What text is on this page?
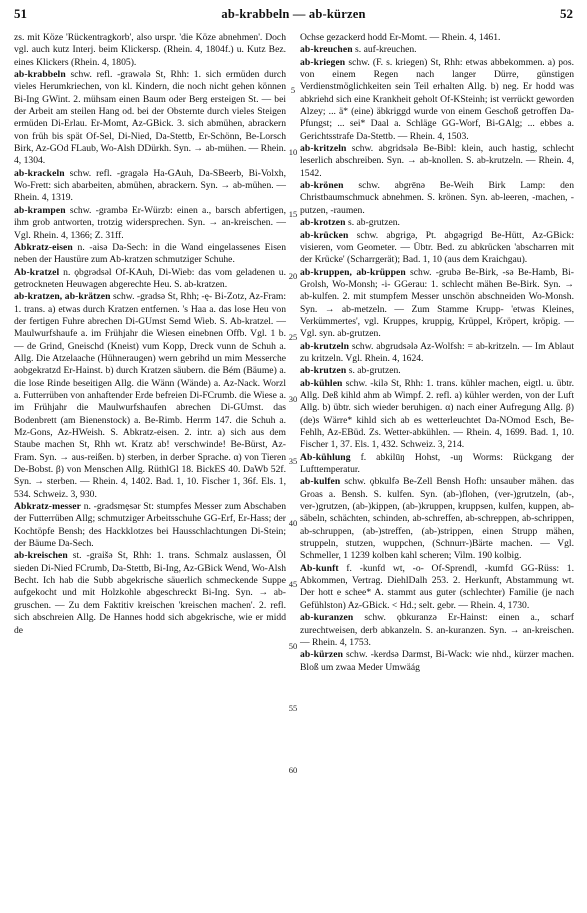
51	ab-krabbeln — ab-kürzen	52

zs. mit Köze 'Rückentragkorb', also urspr. 'die Köze abnehmen'. Doch vgl. auch kutz Interj. beim Klickersp. (Rhein. 4, 1804f.) u. Kutz Bez. eines Klickers (Rhein. 4, 1805).

ab-krabbeln schw. refl. -grawələ St, Rhh: 1. sich ermüden durch vieles Herumkriechen, von kl. Kindern, die noch nicht gehen können Bi-Ing GWint. 2. mühsam einen Baum oder Berg ersteigen St. — bei der Arbeit am steilen Hang od. bei der Obsternte durch vieles Steigen ermüden Di-Erlau. Er-Momt, Az-GBick. 3. sich abmühen, abrackern von früh bis spät Of-Sel, Di-Nied, Da-Stettb, Er-Schönn, Be-Lorsch Birk, Az-GOd FLaub, Wo-Alsh DDürkh. Syn. → ab-mühen. — Rhein. 4, 1304.

ab-krackeln schw. refl. -gragələ Ha-GAuh, Da-SBeerb, Bi-Volxh, Wo-Frett: sich abarbeiten, abmühen, abrackern. Syn. → ab-mühen. — Rhein. 4, 1319.

ab-krampen schw. -grambə Er-Würzb: einen a., barsch abfertigen, ihm grob antworten, trotzig widersprechen. Syn. → an-kreischen. — Vgl. Rhein. 4, 1366; Z. 31ff.

Abkratz-eisen n. -aisə Da-Sech: in die Wand eingelassenes Eisen neben der Haustüre zum Ab-kratzen schmutziger Schuhe.

Ab-kratzel n. ǫbgrədsəl Of-KAuh, Di-Wieb: das vom geladenen u. getrockneten Heuwagen abgerechte Heu. S. ab-kratzen.

ab-kratzen, ab-krätzen schw. -gradsə St, Rhh; -ę- Bi-Zotz, Az-Fram: 1. trans. a) etwas durch Kratzen entfernen. 's Haa a. das lose Heu von der fertigen Fuhre abrechen Di-GUmst Semd Wieb. S. Ab-kratzel. — Maulwurfshaufe a. im Frühjahr die Wiesen einebnen Offb. Vgl. 1 b. — de Grind, Gneischd (Kneist) vum Kopp, Dreck vunn de Schuh a. Allg. Die Atzelaache (Hühneraugen) wern gebrihd un mim Messerche aobgekratzd Er-Hainst. b) durch Kratzen säubern. die Bém (Bäume) a. die lose Rinde beseitigen Allg. die Wänn (Wände) a. Az-Nack. Worzl a. Futterrüben von anhaftender Erde befreien Di-FCrumb. die Wiese a. im Frühjahr die Maulwurfshaufen abrechen Di-GUmst. das Bodenbrett (am Bienenstock) a. Be-Rimb. Herrm 147. die Schuh a. Mz-Gons, Az-HWeish. S. Abkratz-eisen. 2. intr. a) sich aus dem Staube machen St, Rhh wt. Kratz ab! verschwinde! Be-Bürst, Az-Fram. Syn. → aus-reißen. b) sterben, in derber Sprache. α) von Tieren De-Bobst. β) von Menschen Allg. RüthlGl 18. BickES 40. DaWb 52f. Syn. → sterben. — Rhein. 4, 1402. Bad. 1, 10. Fischer 1, 36f. Els. 1, 534. Schweiz. 3, 930.

Abkratz-messer n. -gradsmęsər St: stumpfes Messer zum Abschaben der Futterrüben Allg; schmutziger Arbeitsschuhe GG-Erf, Er-Hass; der Kochtöpfe Bensh; des Hackklotzes bei Hausschlachtungen Di-Stein; der Bäume Da-Sech.

ab-kreischen st. -graišə St, Rhh: 1. trans. Schmalz auslassen, Öl sieden Di-Nied FCrumb, Da-Stettb, Bi-Ing, Az-GBick Wend, Wo-Alsh Becht. Ich hab die Subb abgekrische säuerlich schmeckende Suppe aufgekocht und mit Holzkohle abgeschreckt Bi-Ing. Syn. → ab-gruschen. — Zu dem Faktitiv kreischen 'kreischen machen'. 2. refl. sich abschreien Allg. De Hannes hodd sich abgekrische, wie er midd de

5
10
15
20
25
30
35
40
45
50
55
60

Ochse gezackerd hodd Er-Momt. — Rhein. 4, 1461.

ab-kreuchen s. auf-kreuchen.

ab-kriegen schw. (F. s. kriegen) St, Rhh: etwas abbekommen. a) pos. von einem Regen nach langer Dürre, günstigen Verdienstmöglichkeiten sein Teil erhalten Allg. b) neg. Er hodd was abkriehd sich eine Krankheit geholt Of-KSteinh; ist verrückt geworden Alzey; ... ä* (eine) äbkriggd wurde von einem Geschoß getroffen Da-Pfungst; ... sei* Daal a. Schläge GG-Worf, Bi-GAlg; ... ebbes a. Gerichtsstrafe Da-Stettb. — Rhein. 4, 1503.

ab-kritzeln schw. abgridsələ Be-Bibl: klein, auch hastig, schlecht leserlich abschreiben. Syn. → ab-knollen. S. ab-krutzeln. — Rhein. 4, 1542.

ab-krönen schw. abgrēnə Be-Weih Birk Lamp: den Christbaumschmuck abnehmen. S. krönen. Syn. ab-leeren, -machen, -putzen, -raumen.

ab-krotzen s. ab-grutzen.

ab-krücken schw. abgrigə, Pt. abgəgrigd Be-Hütt, Az-GBick: visieren, vom Geometer. — Übtr. Bed. zu abkrücken 'abscharren mit der Krücke' (Scharrgerät); Bad. 1, 10 (aus dem Kraichgau).

ab-kruppen, ab-krüppen schw. -grubə Be-Birk, -sə Be-Hamb, Bi-Grolsh, Wo-Monsh; -i- GGerau: 1. schlecht mähen Be-Birk. Syn. → ab-kulfen. 2. mit stumpfem Messer unschön abschneiden Wo-Monsh. Syn. → ab-metzeln. — Zum Stamme Krupp- 'etwas Kleines, Verkümmertes', vgl. Kruppes, kruppig, Krüppel, Kröpert, kröpig. — Vgl. syn. ab-grutzen.

ab-krutzeln schw. abgrudsələ Az-Wolfsh: = ab-kritzeln. — Im Ablaut zu kritzeln. Vgl. Rhein. 4, 1624.

ab-krutzen s. ab-grutzen.

ab-kühlen schw. -kilə St, Rhh: 1. trans. kühler machen, eigtl. u. übtr. Allg. Deß kihld ahm ab Wimpf. 2. refl. a) kühler werden, von der Luft Allg. b) übtr. sich wieder beruhigen. α) nach einer Aufregung Allg. β) (de)s Wärre* kihld sich ab es wetterleuchtet Da-NOmod Esch, Be-Fehlh, Az-EBüd. Zs. Wetter-abkühlen. — Rhein. 4, 1699. Bad. 1, 10. Fischer 1, 37. Els. 1, 432. Schweiz. 3, 214.

Ab-kühlung f. abkilūŋ Hohst, -uŋ Worms: Rückgang der Lufttemperatur.

ab-kulfen schw. ǫbkulfə Be-Zell Bensh Hofh: unsauber mähen. das Groas a. Bensh. S. kulfen. Syn. (ab-)flohen, (ver-)grutzeln, (ab-, ver-)grutzen, (ab-)kippen, (ab-)kruppen, kruppsen, kulfen, kuppen, ab-säbeln, schächten, schinden, ab-schreffen, ab-schreppen, ab-schrippen, ab-schruppen, (ab-)streffen, (ab-)strippen, einen Strupp mähen, struppeln, stutzen, wuppchen, (Schnurr-)Bärte machen. — Vgl. Schmeller, 1 1239 kolben kahl scheren; Vilm. 190 kolbig.

Ab-kunft f. -kunfd wt, -o- Of-Sprendl, -kumfd GG-Rüss: 1. Abkommen, Vertrag. DiehlDalh 253. 2. Herkunft, Abstammung wt. Der hott e schee* A. stammt aus guter (schlechter) Familie (je nach Gefühlston) Az-GBick. < Hd.; selt. gebr. — Rhein. 4, 1730.

ab-kuranzen schw. ǫbkuranzə Er-Hainst: einen a., scharf zurechtweisen, derb abkanzeln. S. an-kuranzen. Syn. → an-kreischen. — Rhein. 4, 1753.

ab-kürzen schw. -kerdsə Darmst, Bi-Wack: wie nhd., kürzer machen. Bloß um zwaa Meder Umwäág
